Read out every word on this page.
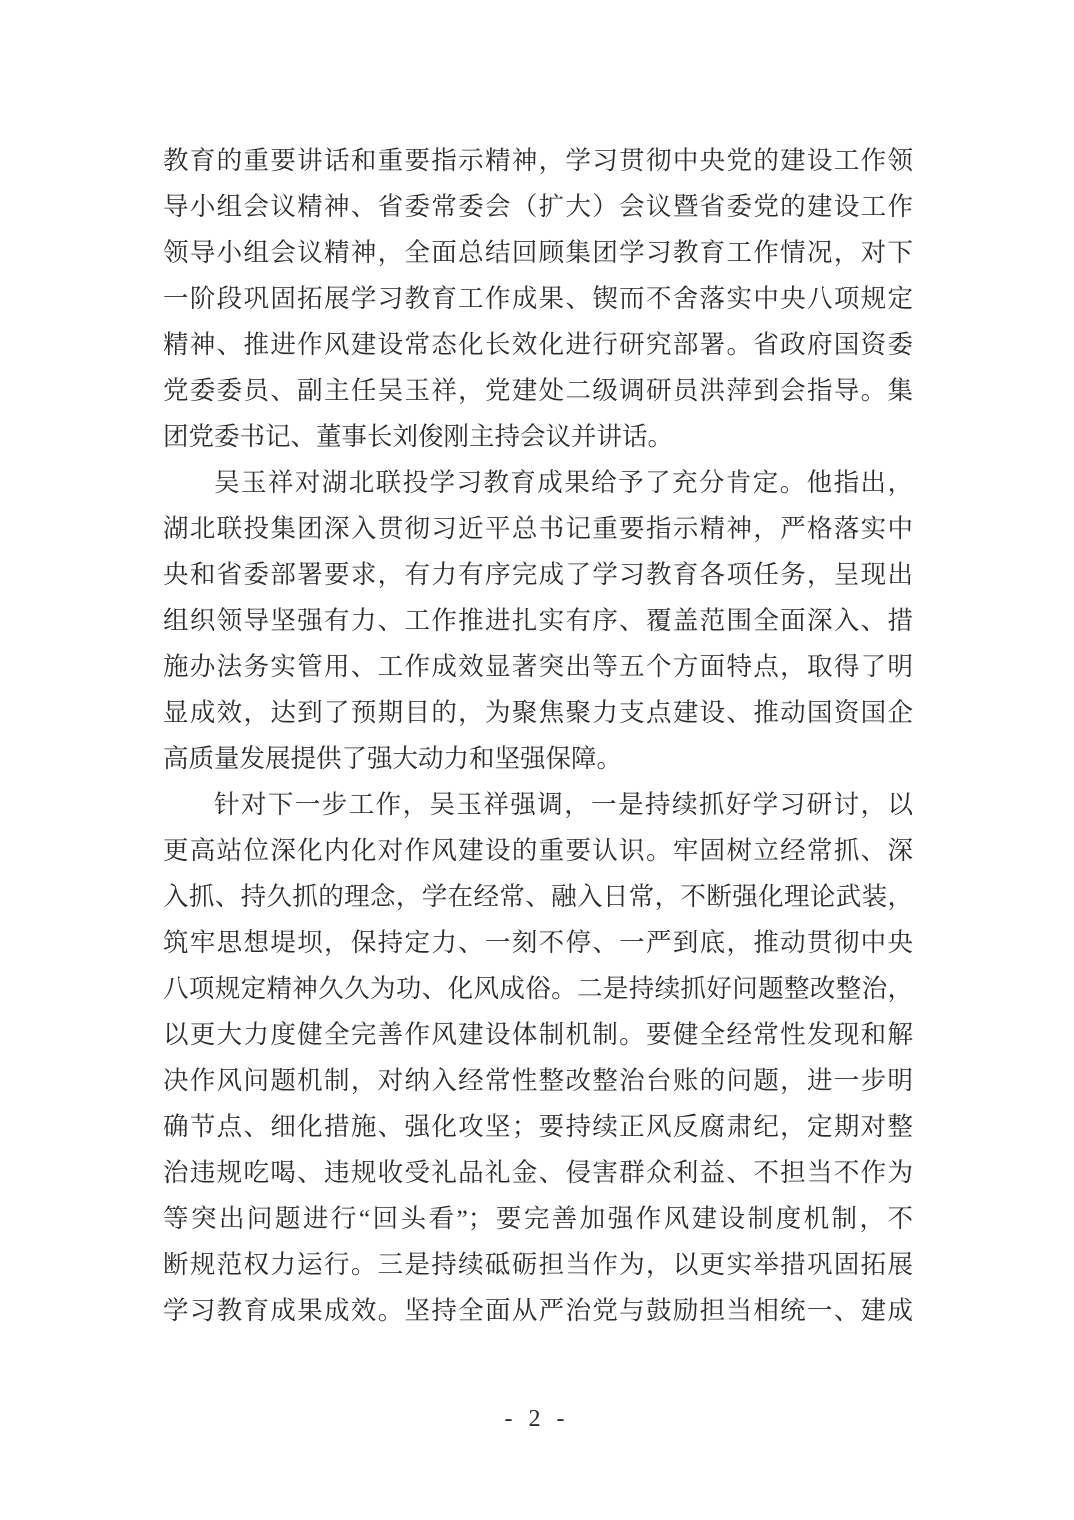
教育的重要讲话和重要指示精神，学习贯彻中央党的建设工作领
导小组会议精神、省委常委会（扩大）会议暨省委党的建设工作
领导小组会议精神，全面总结回顾集团学习教育工作情况，对下
一阶段巩固拓展学习教育工作成果、锲而不舍落实中央八项规定
精神、推进作风建设常态化长效化进行研究部署。省政府国资委
党委委员、副主任吴玉祥，党建处二级调研员洪萍到会指导。集
团党委书记、董事长刘俊刚主持会议并讲话。
吴玉祥对湖北联投学习教育成果给予了充分肯定。他指出，
湖北联投集团深入贯彻习近平总书记重要指示精神，严格落实中
央和省委部署要求，有力有序完成了学习教育各项任务，呈现出
组织领导坚强有力、工作推进扎实有序、覆盖范围全面深入、措
施办法务实管用、工作成效显著突出等五个方面特点，取得了明
显成效，达到了预期目的，为聚焦聚力支点建设、推动国资国企
高质量发展提供了强大动力和坚强保障。
针对下一步工作，吴玉祥强调，一是持续抓好学习研讨，以
更高站位深化内化对作风建设的重要认识。牢固树立经常抓、深
入抓、持久抓的理念，学在经常、融入日常，不断强化理论武装，
筑牢思想堤坝，保持定力、一刻不停、一严到底，推动贯彻中央
八项规定精神久久为功、化风成俗。二是持续抓好问题整改整治，
以更大力度健全完善作风建设体制机制。要健全经常性发现和解
决作风问题机制，对纳入经常性整改整治台账的问题，进一步明
确节点、细化措施、强化攻坚；要持续正风反腐肃纪，定期对整
治违规吃喝、违规收受礼品礼金、侵害群众利益、不担当不作为
等突出问题进行“回头看”；要完善加强作风建设制度机制，不
断规范权力运行。三是持续砥砺担当作为，以更实举措巩固拓展
学习教育成果成效。坚持全面从严治党与鼓励担当相统一、建成
- 2 -
